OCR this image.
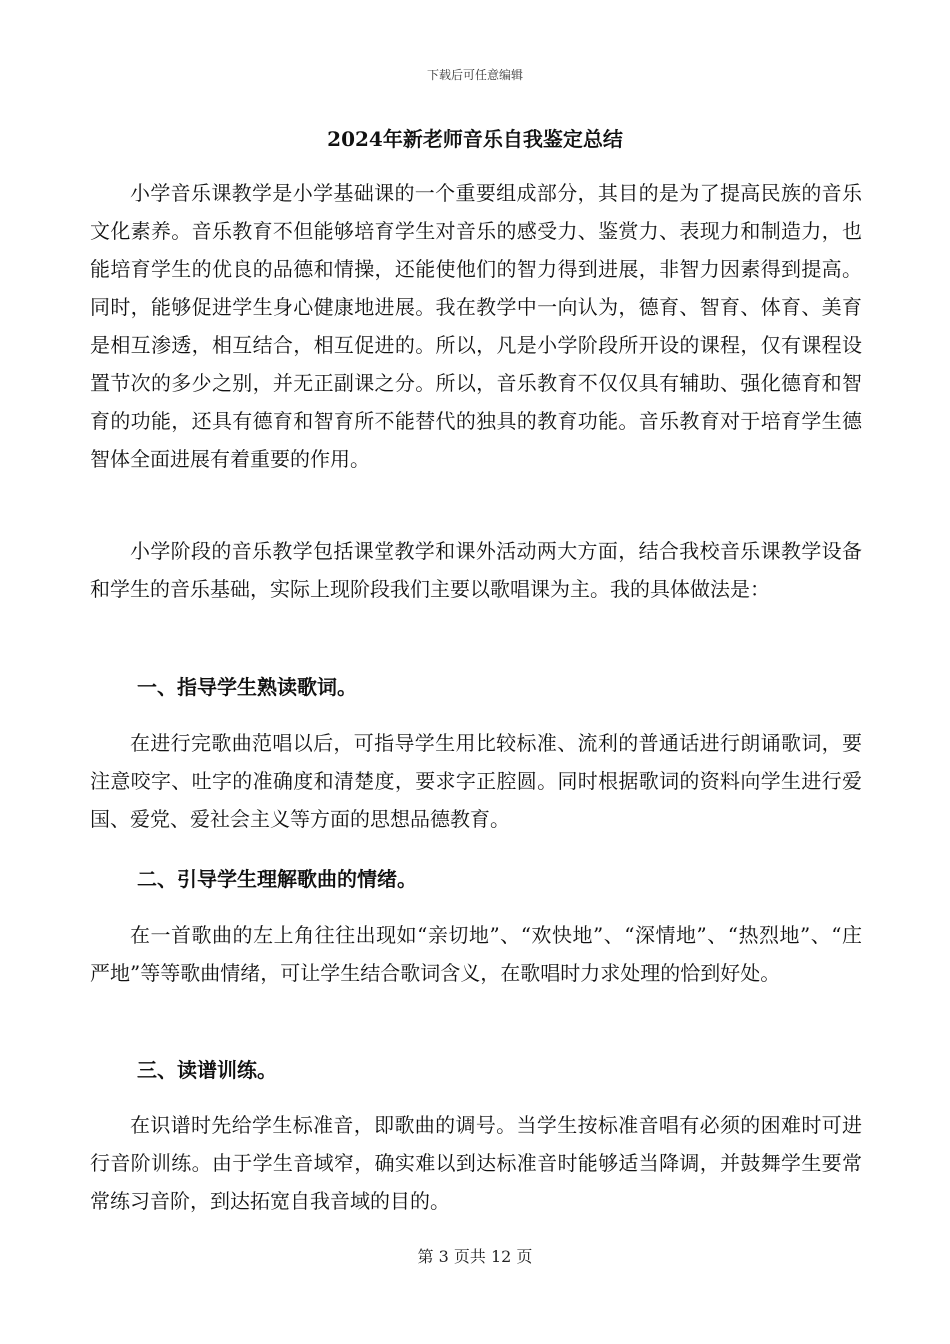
下载后可任意编辑
2024年新老师音乐自我鉴定总结

小学音乐课教学是小学基础课的一个重要组成部分，其目的是为了提高民族的音乐文化素养。音乐教育不但能够培育学生对音乐的感受力、鉴赏力、表现力和制造力，也能培育学生的优良的品德和情操，还能使他们的智力得到进展，非智力因素得到提高。同时，能够促进学生身心健康地进展。我在教学中一向认为，德育、智育、体育、美育是相互渗透，相互结合，相互促进的。所以，凡是小学阶段所开设的课程，仅有课程设置节次的多少之别，并无正副课之分。所以，音乐教育不仅仅具有辅助、强化德育和智育的功能，还具有德育和智育所不能替代的独具的教育功能。音乐教育对于培育学生德智体全面进展有着重要的作用。

小学阶段的音乐教学包括课堂教学和课外活动两大方面，结合我校音乐课教学设备和学生的音乐基础，实际上现阶段我们主要以歌唱课为主。我的具体做法是：

一、指导学生熟读歌词。

在进行完歌曲范唱以后，可指导学生用比较标准、流利的普通话进行朗诵歌词，要注意咬字、吐字的准确度和清楚度，要求字正腔圆。同时根据歌词的资料向学生进行爱国、爱党、爱社会主义等方面的思想品德教育。

二、引导学生理解歌曲的情绪。

在一首歌曲的左上角往往出现如“亲切地”、“欢快地”、“深情地”、“热烈地”、“庄严地”等等歌曲情绪，可让学生结合歌词含义，在歌唱时力求处理的恰到好处。

三、读谱训练。

在识谱时先给学生标准音，即歌曲的调号。当学生按标准音唱有必须的困难时可进行音阶训练。由于学生音域窄，确实难以到达标准音时能够适当降调，并鼓舞学生要常常练习音阶，到达拓宽自我音域的目的。

第 3 页共 12 页
